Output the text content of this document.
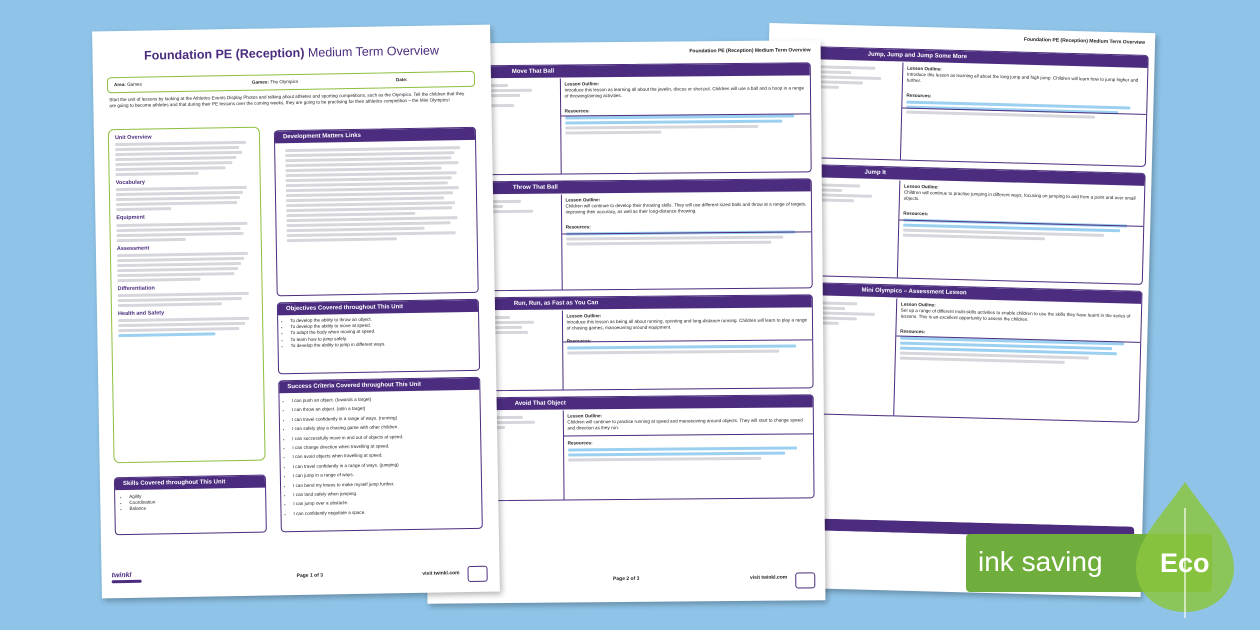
Foundation PE (Reception) Medium Term Overview
Jump, Jump and Jump Some More
Lesson Outline:
Introduce this lesson as learning all about the long jump and high jump. Children will learn how to jump higher and further.
Resources:
Jump It
Lesson Outline:
Children will continue to practise jumping in different ways, focusing on jumping to and from a point and over small objects.
Resources:
Mini Olympics – Assessment Lesson
Lesson Outline:
Set up a range of different multi-skills activities to enable children to use the skills they have learnt in the series of lessons. This is an excellent opportunity to assess the children.
Resources:
Foundation PE (Reception) Medium Term Overview
Move That Ball
Lesson Outline:
Introduce this lesson as learning all about the javelin, discus or shot-put. Children will use a ball and a hoop in a range of throwing/aiming activities.
Resources:
Throw That Ball
Lesson Outline:
Children will continue to develop their throwing skills. They will use different-sized balls and throw at a range of targets, improving their accuracy, as well as their long-distance throwing.
Resources:
Run, Run, as Fast as You Can
Lesson Outline:
Introduce this lesson as being all about running, sprinting and long-distance running. Children will learn to play a range of chasing games, manoeuvring around equipment.
Resources:
Avoid That Object
Lesson Outline:
Children will continue to practise running at speed and manoeuvring around objects. They will start to change speed and direction as they run.
Resources:
Page 2 of 3	visit twinkl.com
Foundation PE (Reception) Medium Term Overview
Area: Games	Games: The Olympics	Date:
Start the unit of lessons by looking at the Athletics Events Display Photos and talking about athletes and sporting competitions, such as the Olympics. Tell the children that they are going to become athletes and that during their PE lessons over the coming weeks, they are going to be practising for their athletics competition – the Mini Olympics!
Unit Overview
Vocabulary
Equipment
Assessment
Differentiation
Health and Safety
Skills Covered throughout This Unit
• Agility
• Coordination
• Balance
Development Matters Links
Objectives Covered throughout This Unit
• To develop the ability to throw an object.
• To develop the ability to move at speed.
• To adapt the body when moving at speed.
• To learn how to jump safely.
• To develop the ability to jump in different ways.
Success Criteria Covered throughout This Unit
• I can push an object. (towards a target)
• I can throw an object. (at/in a target)
• I can travel confidently in a range of ways. (running)
• I can safely play a chasing game with other children.
• I can successfully move in and out of objects at speed.
• I can change direction when travelling at speed.
• I can avoid objects when travelling at speed.
• I can travel confidently in a range of ways. (jumping)
• I can jump in a range of ways.
• I can bend my knees to make myself jump further.
• I can land safely when jumping.
• I can jump over a obstacle.
• I can confidently negotiate a space.
twinkl	Page 1 of 3	visit twinkl.com	ink saving Eco
